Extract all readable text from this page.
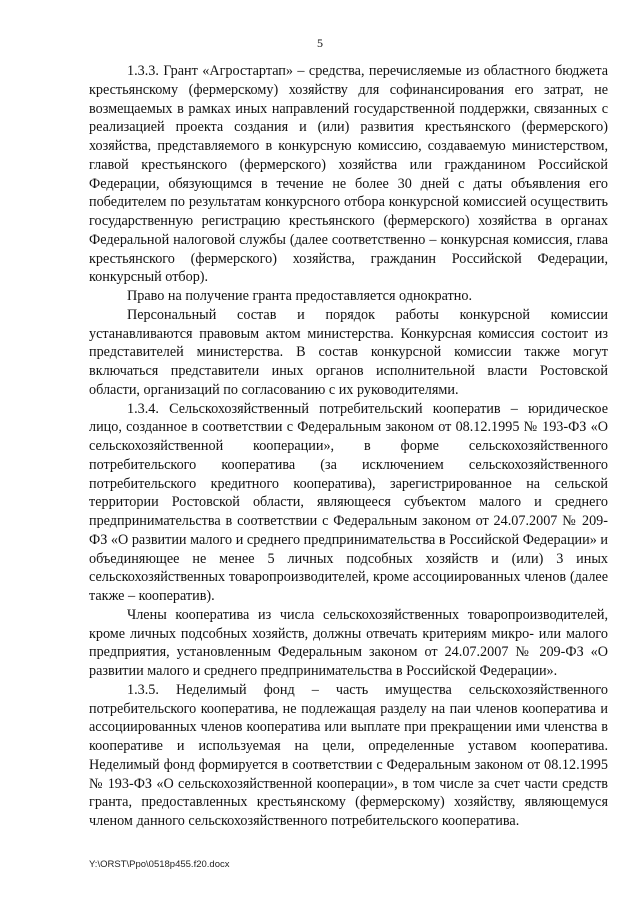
5

1.3.3. Грант «Агростартап» – средства, перечисляемые из областного бюджета крестьянскому (фермерскому) хозяйству для софинансирования его затрат, не возмещаемых в рамках иных направлений государственной поддержки, связанных с реализацией проекта создания и (или) развития крестьянского (фермерского) хозяйства, представляемого в конкурсную комиссию, создаваемую министерством, главой крестьянского (фермерского) хозяйства или гражданином Российской Федерации, обязующимся в течение не более 30 дней с даты объявления его победителем по результатам конкурсного отбора конкурсной комиссией осуществить государственную регистрацию крестьянского (фермерского) хозяйства в органах Федеральной налоговой службы (далее соответственно – конкурсная комиссия, глава крестьянского (фермерского) хозяйства, гражданин Российской Федерации, конкурсный отбор).

Право на получение гранта предоставляется однократно.

Персональный состав и порядок работы конкурсной комиссии устанавливаются правовым актом министерства. Конкурсная комиссия состоит из представителей министерства. В состав конкурсной комиссии также могут включаться представители иных органов исполнительной власти Ростовской области, организаций по согласованию с их руководителями.

1.3.4. Сельскохозяйственный потребительский кооператив – юридическое лицо, созданное в соответствии с Федеральным законом от 08.12.1995 № 193-ФЗ «О сельскохозяйственной кооперации», в форме сельскохозяйственного потребительского кооператива (за исключением сельскохозяйственного потребительского кредитного кооператива), зарегистрированное на сельской территории Ростовской области, являющееся субъектом малого и среднего предпринимательства в соответствии с Федеральным законом от 24.07.2007 № 209-ФЗ «О развитии малого и среднего предпринимательства в Российской Федерации» и объединяющее не менее 5 личных подсобных хозяйств и (или) 3 иных сельскохозяйственных товаропроизводителей, кроме ассоциированных членов (далее также – кооператив).

Члены кооператива из числа сельскохозяйственных товаропроизводителей, кроме личных подсобных хозяйств, должны отвечать критериям микро- или малого предприятия, установленным Федеральным законом от 24.07.2007 № 209-ФЗ «О развитии малого и среднего предпринимательства в Российской Федерации».

1.3.5. Неделимый фонд – часть имущества сельскохозяйственного потребительского кооператива, не подлежащая разделу на паи членов кооператива и ассоциированных членов кооператива или выплате при прекращении ими членства в кооперативе и используемая на цели, определенные уставом кооператива. Неделимый фонд формируется в соответствии с Федеральным законом от 08.12.1995 № 193-ФЗ «О сельскохозяйственной кооперации», в том числе за счет части средств гранта, предоставленных крестьянскому (фермерскому) хозяйству, являющемуся членом данного сельскохозяйственного потребительского кооператива.

Y:\ORST\Ppo\0518p455.f20.docx
